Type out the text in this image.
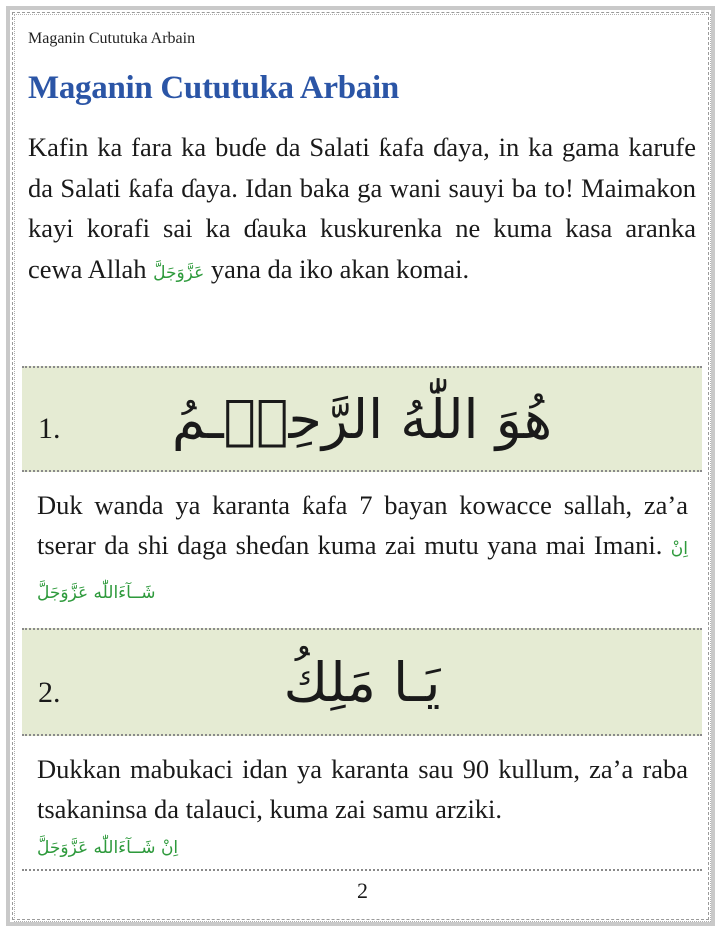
Maganin Cututuka Arbain
Maganin Cututuka Arbain

Kafin ka fara ka buɗe da Salati ƙafa ɗaya, in ka gama karufe da Salati ƙafa ɗaya. Idan baka ga wani sauyi ba to! Maimakon kayi korafi sai ka ɗauka kuskurenka ne kuma kasa aranka cewa Allah عَزَّوَجَلَّ yana da iko akan komai.

1.	هُوَ اللّٰهُ الرَّحِيۡـمُ

Duk wanda ya karanta ƙafa 7 bayan kowacce sallah, za’a tserar da shi daga sheɗan kuma zai mutu yana mai Imani. اِنْ شَــآءَاللّٰه عَزَّوَجَلَّ

2.	يَـا مَلِكُ

Dukkan mabukaci idan ya karanta sau 90 kullum, za’a raba tsakaninsa da talauci, kuma zai samu arziki.

اِنْ شَــآءَاللّٰه عَزَّوَجَلَّ
2
